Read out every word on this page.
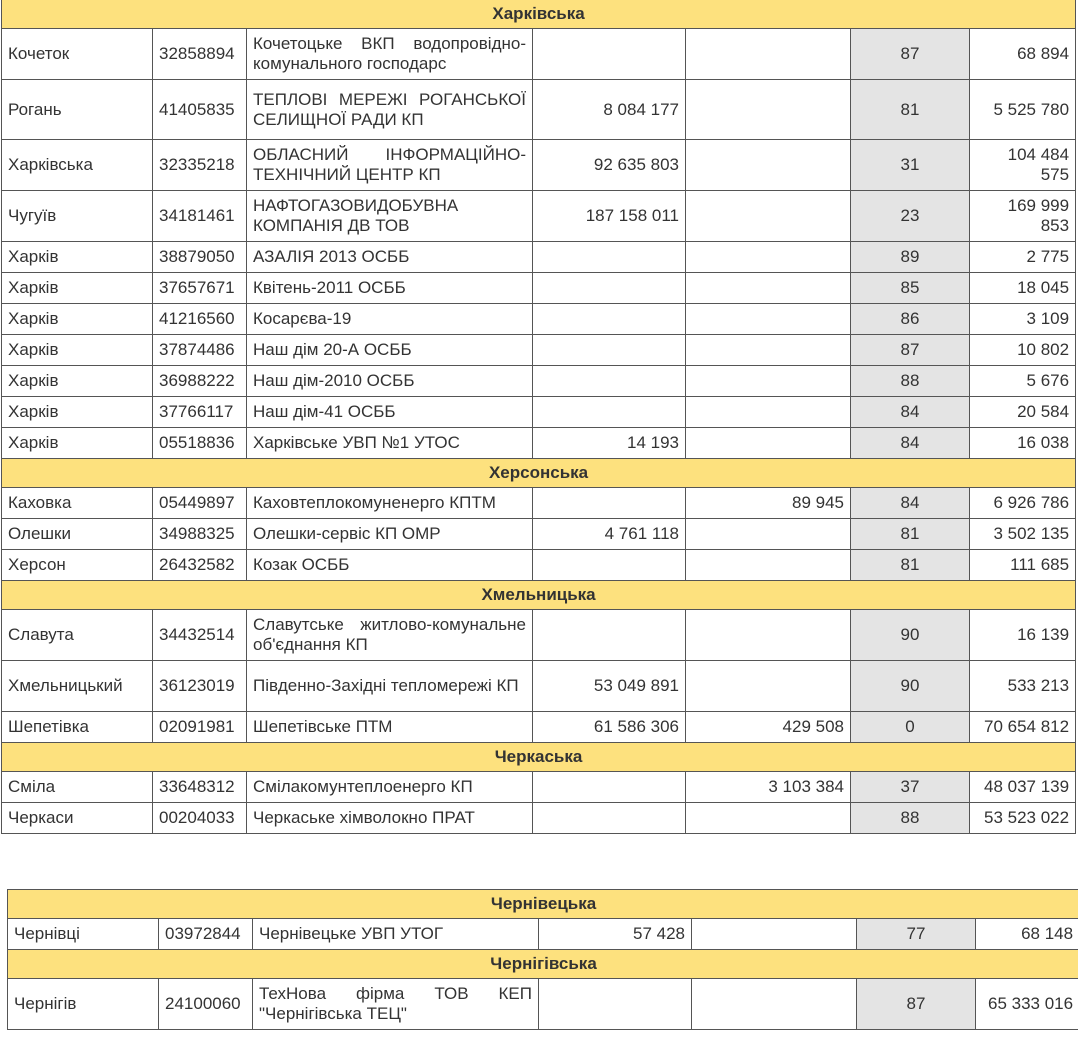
Харківська						
Кочеток	32858894	Кочетоцьке ВКП водопровідно-комунального господарс			87	68 894
Рогань	41405835	ТЕПЛОВІ МЕРЕЖІ РОГАНСЬКОЇ СЕЛИЩНОЇ РАДИ КП	8 084 177		81	5 525 780
Харківська	32335218	ОБЛАСНИЙ ІНФОРМАЦІЙНО-ТЕХНІЧНИЙ ЦЕНТР КП	92 635 803		31	104 484 575
Чугуїв	34181461	НАФТОГАЗОВИДОБУВНА КОМПАНІЯ ДВ ТОВ	187 158 011		23	169 999 853
Харків	38879050	АЗАЛІЯ 2013 ОСББ			89	2 775
Харків	37657671	Квітень-2011 ОСББ			85	18 045
Харків	41216560	Косарєва-19			86	3 109
Харків	37874486	Наш дім 20-А ОСББ			87	10 802
Харків	36988222	Наш дім-2010 ОСББ			88	5 676
Харків	37766117	Наш дім-41 ОСББ			84	20 584
Харків	05518836	Харківське УВП №1 УТОС	14 193		84	16 038
Херсонська						
Каховка	05449897	Каховтеплокомуненерго КПТМ		89 945	84	6 926 786
Олешки	34988325	Олешки-сервіс КП ОМР	4 761 118		81	3 502 135
Херсон	26432582	Козак ОСББ			81	111 685
Хмельницька						
Славута	34432514	Славутське житлово-комунальне об'єднання КП			90	16 139
Хмельницький	36123019	Південно-Західні тепломережі КП	53 049 891		90	533 213
Шепетівка	02091981	Шепетівське ПТМ	61 586 306	429 508	0	70 654 812
Черкаська						
Сміла	33648312	Смілакомунтеплоенерго КП		3 103 384	37	48 037 139
Черкаси	00204033	Черкаське хімволокно ПРАТ			88	53 523 022
Чернівецька						
Чернівці	03972844	Чернівецьке УВП УТОГ	57 428		77	68 148
Чернігівська						
Чернігів	24100060	ТехНова фірма ТОВ КЕП "Чернігівська ТЕЦ"			87	65 333 016
